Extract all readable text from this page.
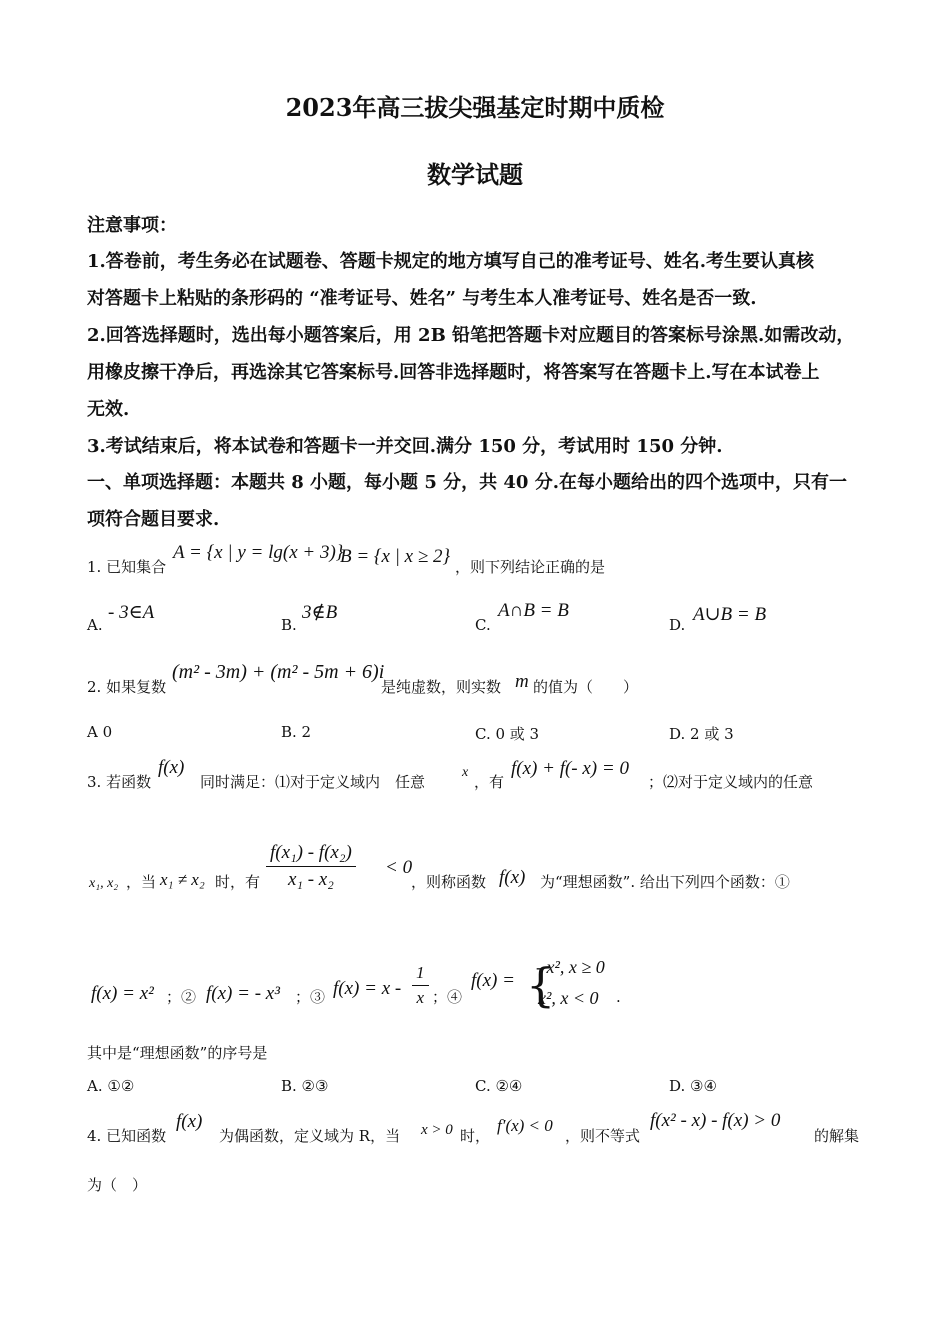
2023年高三拔尖强基定时期中质检
数学试题
注意事项：
1.答卷前，考生务必在试题卷、答题卡规定的地方填写自己的准考证号、姓名.考生要认真核
对答题卡上粘贴的条形码的 “准考证号、姓名” 与考生本人准考证号、姓名是否一致.
2.回答选择题时，选出每小题答案后，用 2B 铅笔把答题卡对应题目的答案标号涂黑.如需改动，
用橡皮擦干净后，再选涂其它答案标号.回答非选择题时，将答案写在答题卡上.写在本试卷上
无效.
3.考试结束后，将本试卷和答题卡一并交回.满分 150 分，考试用时 150 分钟.
一、单项选择题：本题共 8 小题，每小题 5 分，共 40 分.在每小题给出的四个选项中，只有一
项符合题目要求.
1. 已知集合
A = {x | y = lg(x + 3)}
B = {x | x ≥ 2} ，则下列结论正确的是
A.
- 3∈A
B.
3∉B
C.
A∩B = B
D. A∪B = B
2. 如果复数
(m² - 3m) + (m² - 5m + 6)i
是纯虚数，则实数 m 的值为（　　）
A 0	B. 2	C. 0 或 3	D. 2 或 3
3. 若函数
f(x)
同时满足：⑴对于定义域内　任意
x
，有
f(x) + f(- x) = 0
；⑵对于定义域内的任意
x₁, x₂ ，当 x₁ ≠ x₂ 时，有 $\frac{\text{f(x₁) - f(x₂)}}{\text{x₁ - x₂}} < 0$
，则称函数 f(x) 为“理想函数”. 给出下列四个函数：①
f(x) = x² ；② f(x) = - x³ ；③ $f(x) = x - \frac{1}{x}$ ；④
f(x) = {
- x², x ≥ 0
x², x < 0 .
其中是“理想函数”的序号是
A. ①②	B. ②③	C. ②④	D. ③④
4. 已知函数
f(x)
为偶函数，定义域为 R，当 x > 0 时，
f′(x) < 0
，则不等式
f(x² - x) - f(x) > 0
的解集
为（　）
